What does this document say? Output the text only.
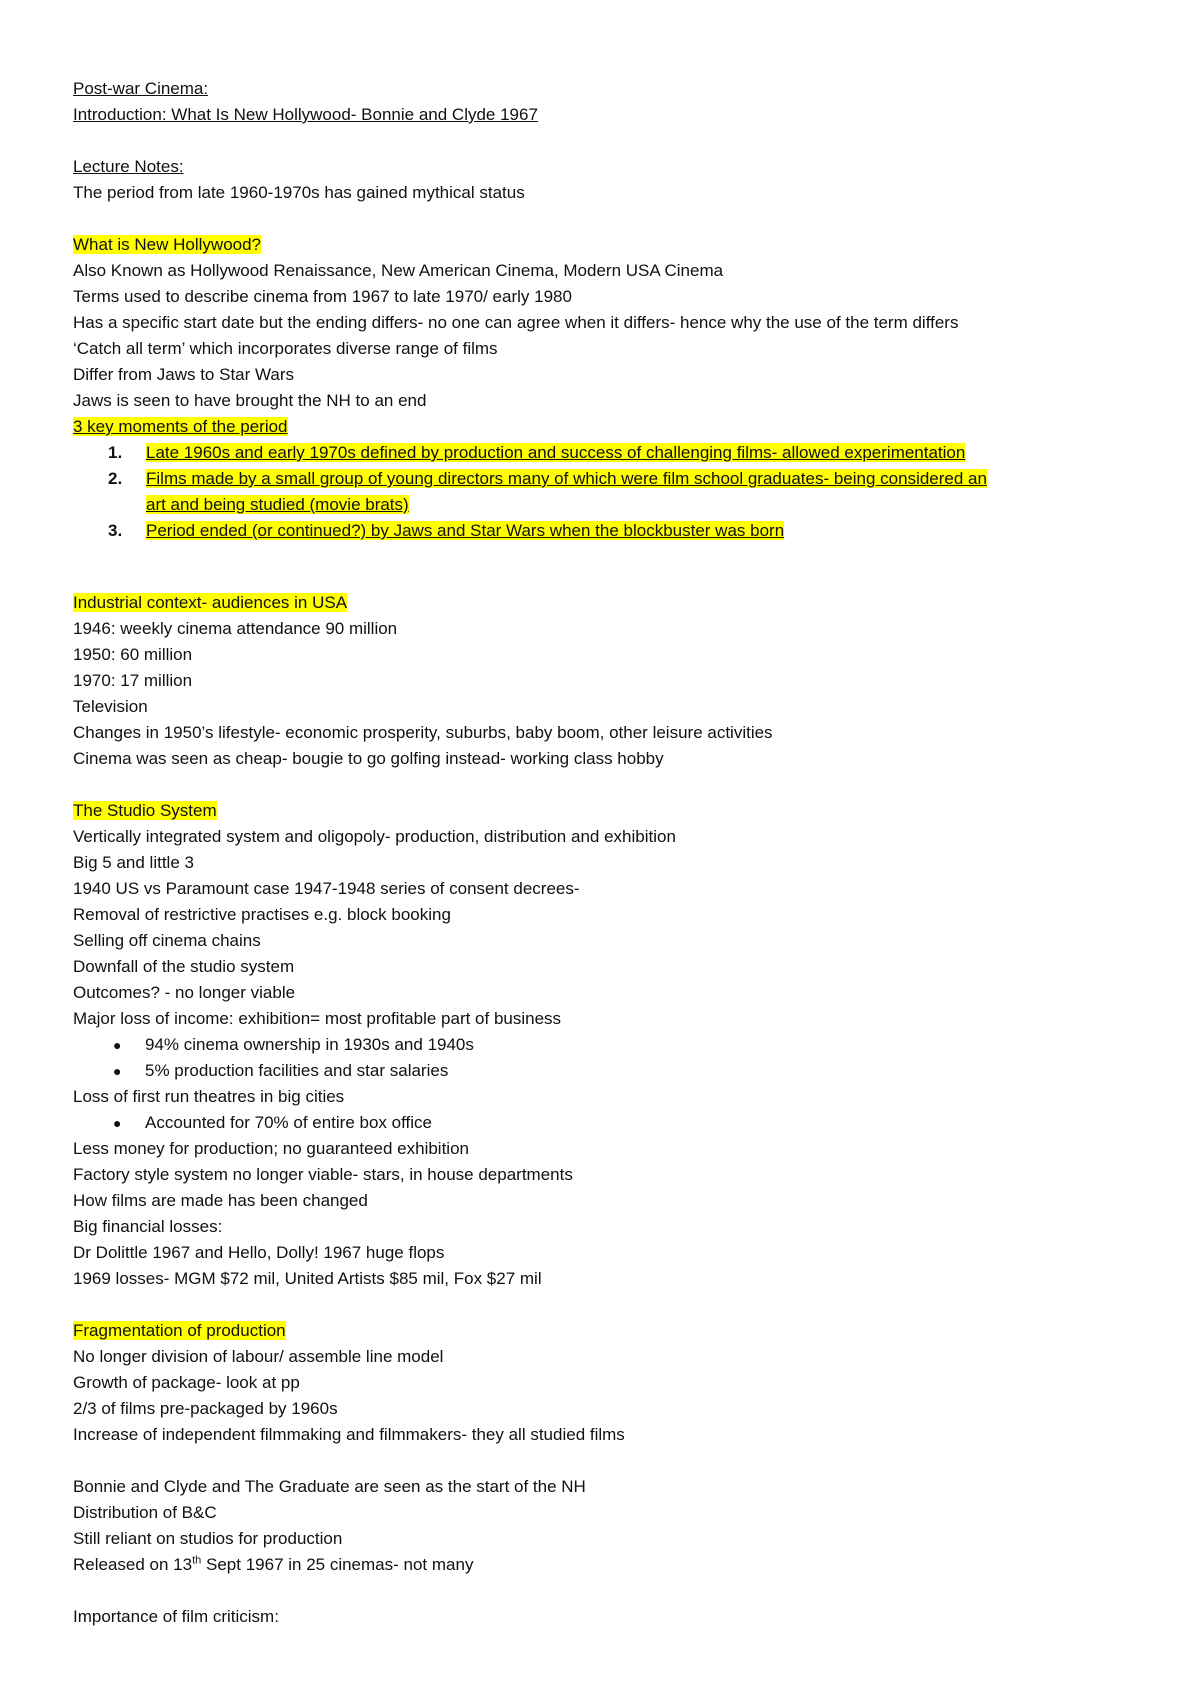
Post-war Cinema:
Introduction: What Is New Hollywood- Bonnie and Clyde 1967
Lecture Notes:
The period from late 1960-1970s has gained mythical status
What is New Hollywood?
Also Known as Hollywood Renaissance, New American Cinema, Modern USA Cinema
Terms used to describe cinema from 1967 to late 1970/ early 1980
Has a specific start date but the ending differs- no one can agree when it differs- hence why the use of the term differs
‘Catch all term’ which incorporates diverse range of films
Differ from Jaws to Star Wars
Jaws is seen to have brought the NH to an end
3 key moments of the period
1. Late 1960s and early 1970s defined by production and success of challenging films- allowed experimentation
2. Films made by a small group of young directors many of which were film school graduates- being considered an
art and being studied (movie brats)
3. Period ended (or continued?) by Jaws and Star Wars when the blockbuster was born
Industrial context- audiences in USA
1946: weekly cinema attendance 90 million
1950: 60 million
1970: 17 million
Television
Changes in 1950’s lifestyle- economic prosperity, suburbs, baby boom, other leisure activities
Cinema was seen as cheap- bougie to go golfing instead- working class hobby
The Studio System
Vertically integrated system and oligopoly- production, distribution and exhibition
Big 5 and little 3
1940 US vs Paramount case 1947-1948 series of consent decrees-
Removal of restrictive practises e.g. block booking
Selling off cinema chains
Downfall of the studio system
Outcomes? - no longer viable
Major loss of income: exhibition= most profitable part of business
● 94% cinema ownership in 1930s and 1940s
● 5% production facilities and star salaries
Loss of first run theatres in big cities
● Accounted for 70% of entire box office
Less money for production; no guaranteed exhibition
Factory style system no longer viable- stars, in house departments
How films are made has been changed
Big financial losses:
Dr Dolittle 1967 and Hello, Dolly! 1967 huge flops
1969 losses- MGM $72 mil, United Artists $85 mil, Fox $27 mil
Fragmentation of production
No longer division of labour/ assemble line model
Growth of package- look at pp
2/3 of films pre-packaged by 1960s
Increase of independent filmmaking and filmmakers- they all studied films
Bonnie and Clyde and The Graduate are seen as the start of the NH
Distribution of B&C
Still reliant on studios for production
Released on 13th Sept 1967 in 25 cinemas- not many
Importance of film criticism:
